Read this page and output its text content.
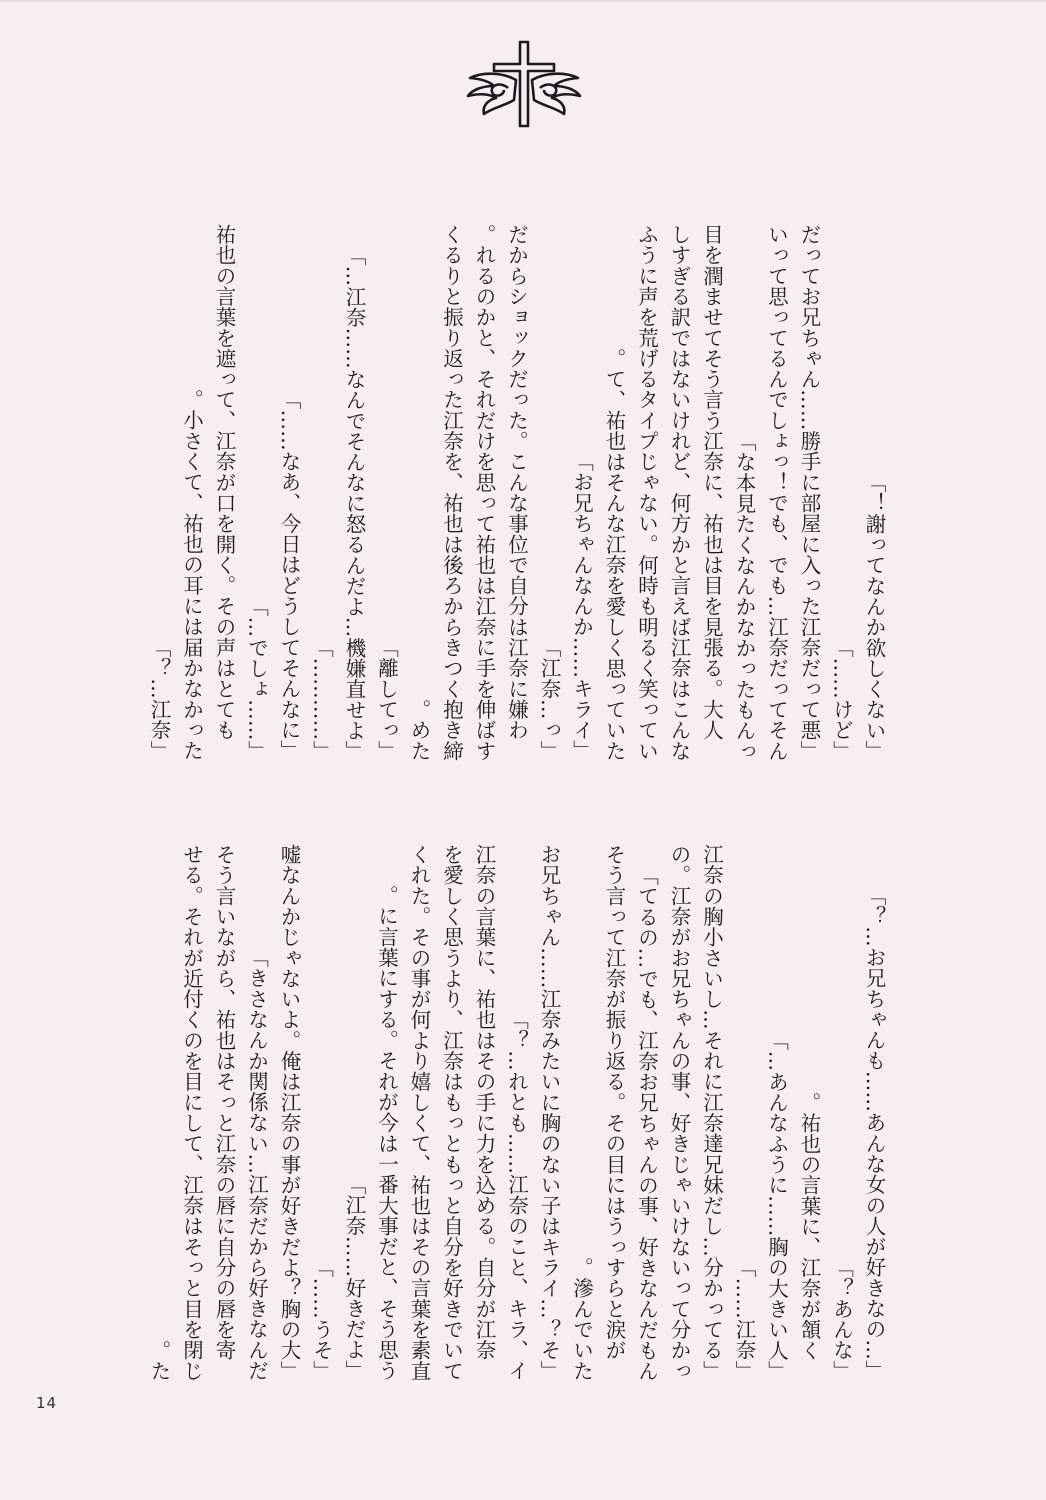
「謝ってなんか欲しくない！」
「けど……」
「だってお兄ちゃん……勝手に部屋に入った江奈だって悪
いって思ってるんでしょっ！でも、でも…江奈だってそん
な本見たくなんかなかったもんっ」
　目を潤ませてそう言う江奈に、祐也は目を見張る。大人
しすぎる訳ではないけれど、何方かと言えば江奈はこんな
ふうに声を荒げるタイプじゃない。何時も明るく笑ってい
て、祐也はそんな江奈を愛しく思っていた。
「お兄ちゃんなんか……キライ」
「江奈…っ」
　だからショックだった。こんな事位で自分は江奈に嫌わ
れるのかと、それだけを思って祐也は江奈に手を伸ばす。
くるりと振り返った江奈を、祐也は後ろからきつく抱き締
めた。
「離してっ」
「江奈……なんでそんなに怒るんだよ…機嫌直せよ…」
「…………」
「なあ、今日はどうしてそんなに……」
「……でしょ…」
　祐也の言葉を遮って、江奈が口を開く。その声はとても
小さくて、祐也の耳には届かなかった。
「江奈…？」
「…お兄ちゃんも……あんな女の人が好きなの…？」
「あんな？」
　祐也の言葉に、江奈が頷く。
「あんなふうに……胸の大きい人…」
「江奈……」
「江奈の胸小さいし…それに江奈達兄妹だし…分かってる
の。江奈がお兄ちゃんの事、好きじゃいけないって分かっ
てるの…でも、江奈お兄ちゃんの事、好きなんだもん」
　そう言って江奈が振り返る。その目にはうっすらと涙が
滲んでいた。
「お兄ちゃん……江奈みたいに胸のない子はキライ…？そ
れとも……江奈のこと、キラ、イ…？」
　江奈の言葉に、祐也はその手に力を込める。自分が江奈
を愛しく思うより、江奈はもっともっと自分を好きでいて
くれた。その事が何より嬉しくて、祐也はその言葉を素直
に言葉にする。それが今は一番大事だと、そう思う。
「江奈……好きだよ」
「うそ……」
「嘘なんかじゃないよ。俺は江奈の事が好きだよ？胸の大
きさなんか関係ない…江奈だから好きなんだ」
　そう言いながら、祐也はそっと江奈の唇に自分の唇を寄
せる。それが近付くのを目にして、江奈はそっと目を閉じ
た。
14
